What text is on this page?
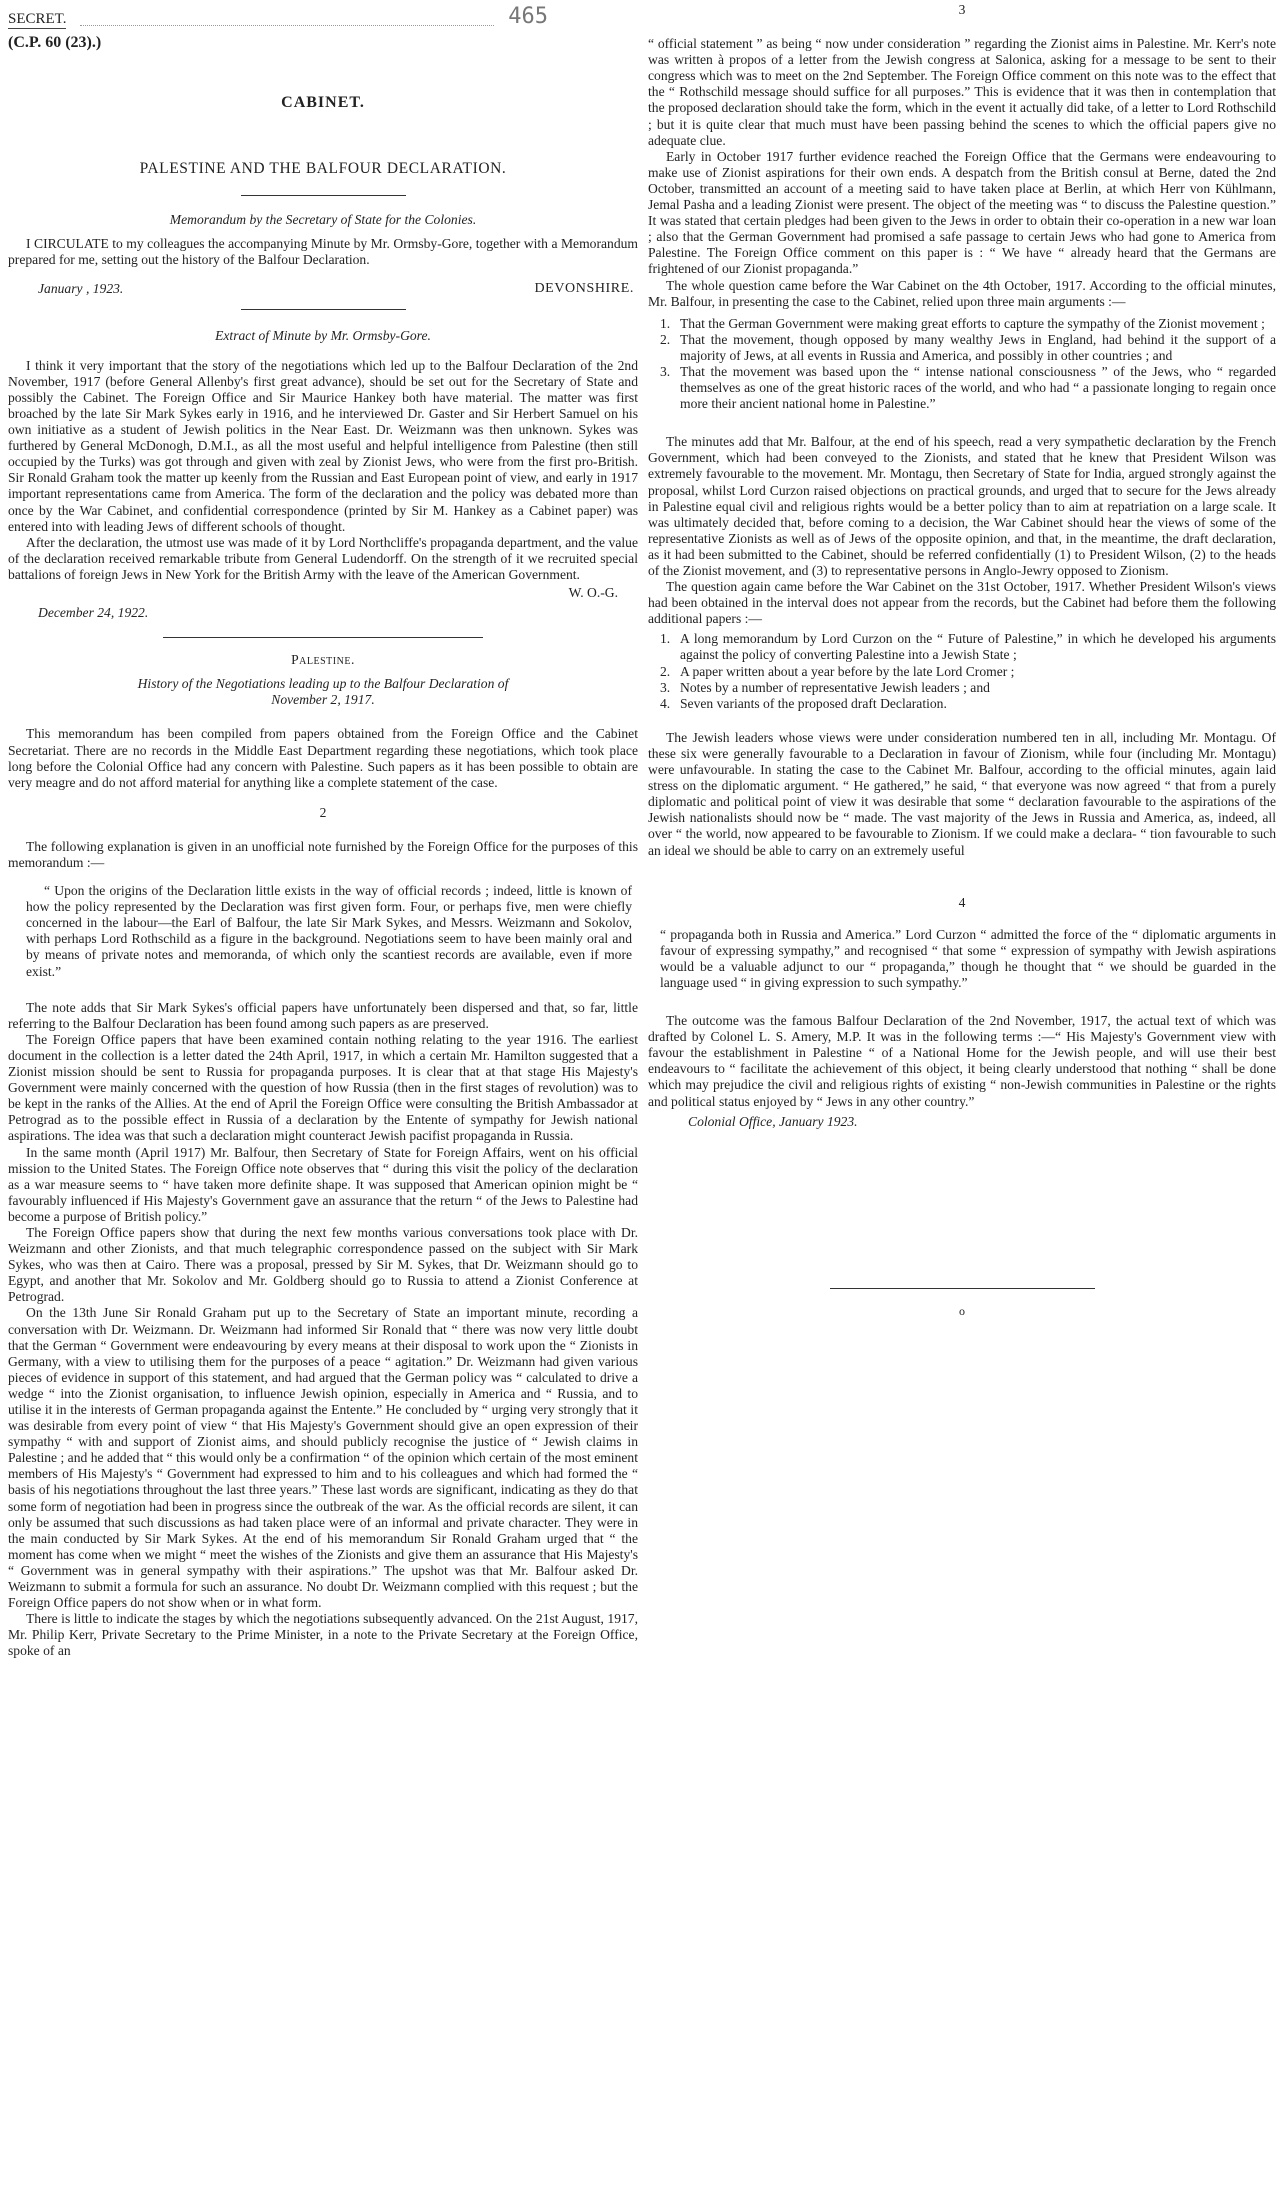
SECRET.	465

(C.P. 60 (23).)

CABINET.

PALESTINE AND THE BALFOUR DECLARATION.

Memorandum by the Secretary of State for the Colonies.

I CIRCULATE to my colleagues the accompanying Minute by Mr. Ormsby-Gore, together with a Memorandum prepared for me, setting out the history of the Balfour Declaration.

January , 1923.	DEVONSHIRE.

Extract of Minute by Mr. Ormsby-Gore.

I think it very important that the story of the negotiations which led up to the Balfour Declaration of the 2nd November, 1917 (before General Allenby's first great advance), should be set out for the Secretary of State and possibly the Cabinet. The Foreign Office and Sir Maurice Hankey both have material. The matter was first broached by the late Sir Mark Sykes early in 1916, and he interviewed Dr. Gaster and Sir Herbert Samuel on his own initiative as a student of Jewish politics in the Near East. Dr. Weizmann was then unknown. Sykes was furthered by General McDonogh, D.M.I., as all the most useful and helpful intelligence from Palestine (then still occupied by the Turks) was got through and given with zeal by Zionist Jews, who were from the first pro-British. Sir Ronald Graham took the matter up keenly from the Russian and East European point of view, and early in 1917 important representations came from America. The form of the declaration and the policy was debated more than once by the War Cabinet, and confidential correspondence (printed by Sir M. Hankey as a Cabinet paper) was entered into with leading Jews of different schools of thought.

After the declaration, the utmost use was made of it by Lord Northcliffe's propaganda department, and the value of the declaration received remarkable tribute from General Ludendorff. On the strength of it we recruited special battalions of foreign Jews in New York for the British Army with the leave of the American Government.

W. O.-G.

December 24, 1922.

Palestine.

History of the Negotiations leading up to the Balfour Declaration of

November 2, 1917.

This memorandum has been compiled from papers obtained from the Foreign Office and the Cabinet Secretariat. There are no records in the Middle East Department regarding these negotiations, which took place long before the Colonial Office had any concern with Palestine. Such papers as it has been possible to obtain are very meagre and do not afford material for anything like a complete statement of the case.

2

The following explanation is given in an unofficial note furnished by the Foreign Office for the purposes of this memorandum :—

“ Upon the origins of the Declaration little exists in the way of official records ; indeed, little is known of how the policy represented by the Declaration was first given form. Four, or perhaps five, men were chiefly concerned in the labour—the Earl of Balfour, the late Sir Mark Sykes, and Messrs. Weizmann and Sokolov, with perhaps Lord Rothschild as a figure in the background. Negotiations seem to have been mainly oral and by means of private notes and memoranda, of which only the scantiest records are available, even if more exist.”

The note adds that Sir Mark Sykes's official papers have unfortunately been dispersed and that, so far, little referring to the Balfour Declaration has been found among such papers as are preserved.

The Foreign Office papers that have been examined contain nothing relating to the year 1916. The earliest document in the collection is a letter dated the 24th April, 1917, in which a certain Mr. Hamilton suggested that a Zionist mission should be sent to Russia for propaganda purposes. It is clear that at that stage His Majesty's Government were mainly concerned with the question of how Russia (then in the first stages of revolution) was to be kept in the ranks of the Allies. At the end of April the Foreign Office were consulting the British Ambassador at Petrograd as to the possible effect in Russia of a declaration by the Entente of sympathy for Jewish national aspirations. The idea was that such a declaration might counteract Jewish pacifist propaganda in Russia.

In the same month (April 1917) Mr. Balfour, then Secretary of State for Foreign Affairs, went on his official mission to the United States. The Foreign Office note observes that “ during this visit the policy of the declaration as a war measure seems to “ have taken more definite shape. It was supposed that American opinion might be “ favourably influenced if His Majesty's Government gave an assurance that the return “ of the Jews to Palestine had become a purpose of British policy.”

The Foreign Office papers show that during the next few months various conversations took place with Dr. Weizmann and other Zionists, and that much telegraphic correspondence passed on the subject with Sir Mark Sykes, who was then at Cairo. There was a proposal, pressed by Sir M. Sykes, that Dr. Weizmann should go to Egypt, and another that Mr. Sokolov and Mr. Goldberg should go to Russia to attend a Zionist Conference at Petrograd.

On the 13th June Sir Ronald Graham put up to the Secretary of State an important minute, recording a conversation with Dr. Weizmann. Dr. Weizmann had informed Sir Ronald that “ there was now very little doubt that the German “ Government were endeavouring by every means at their disposal to work upon the “ Zionists in Germany, with a view to utilising them for the purposes of a peace “ agitation.” Dr. Weizmann had given various pieces of evidence in support of this statement, and had argued that the German policy was “ calculated to drive a wedge “ into the Zionist organisation, to influence Jewish opinion, especially in America and “ Russia, and to utilise it in the interests of German propaganda against the Entente.” He concluded by “ urging very strongly that it was desirable from every point of view “ that His Majesty's Government should give an open expression of their sympathy “ with and support of Zionist aims, and should publicly recognise the justice of “ Jewish claims in Palestine ; and he added that “ this would only be a confirmation “ of the opinion which certain of the most eminent members of His Majesty's “ Government had expressed to him and to his colleagues and which had formed the “ basis of his negotiations throughout the last three years.” These last words are significant, indicating as they do that some form of negotiation had been in progress since the outbreak of the war. As the official records are silent, it can only be assumed that such discussions as had taken place were of an informal and private character. They were in the main conducted by Sir Mark Sykes. At the end of his memorandum Sir Ronald Graham urged that “ the moment has come when we might “ meet the wishes of the Zionists and give them an assurance that His Majesty's “ Government was in general sympathy with their aspirations.” The upshot was that Mr. Balfour asked Dr. Weizmann to submit a formula for such an assurance. No doubt Dr. Weizmann complied with this request ; but the Foreign Office papers do not show when or in what form.

There is little to indicate the stages by which the negotiations subsequently advanced. On the 21st August, 1917, Mr. Philip Kerr, Private Secretary to the Prime Minister, in a note to the Private Secretary at the Foreign Office, spoke of an

3

“ official statement ” as being “ now under consideration ” regarding the Zionist aims in Palestine. Mr. Kerr's note was written à propos of a letter from the Jewish congress at Salonica, asking for a message to be sent to their congress which was to meet on the 2nd September. The Foreign Office comment on this note was to the effect that the “ Rothschild message should suffice for all purposes.” This is evidence that it was then in contemplation that the proposed declaration should take the form, which in the event it actually did take, of a letter to Lord Rothschild ; but it is quite clear that much must have been passing behind the scenes to which the official papers give no adequate clue.

Early in October 1917 further evidence reached the Foreign Office that the Germans were endeavouring to make use of Zionist aspirations for their own ends. A despatch from the British consul at Berne, dated the 2nd October, transmitted an account of a meeting said to have taken place at Berlin, at which Herr von Kühlmann, Jemal Pasha and a leading Zionist were present. The object of the meeting was “ to discuss the Palestine question.” It was stated that certain pledges had been given to the Jews in order to obtain their co-operation in a new war loan ; also that the German Government had promised a safe passage to certain Jews who had gone to America from Palestine. The Foreign Office comment on this paper is : “ We have “ already heard that the Germans are frightened of our Zionist propaganda.”

The whole question came before the War Cabinet on the 4th October, 1917. According to the official minutes, Mr. Balfour, in presenting the case to the Cabinet, relied upon three main arguments :—

1. That the German Government were making great efforts to capture the sympathy of the Zionist movement ;
2. That the movement, though opposed by many wealthy Jews in England, had behind it the support of a majority of Jews, at all events in Russia and America, and possibly in other countries ; and
3. That the movement was based upon the “ intense national consciousness ” of the Jews, who “ regarded themselves as one of the great historic races of the world, and who had “ a passionate longing to regain once more their ancient national home in Palestine.”

The minutes add that Mr. Balfour, at the end of his speech, read a very sympathetic declaration by the French Government, which had been conveyed to the Zionists, and stated that he knew that President Wilson was extremely favourable to the movement. Mr. Montagu, then Secretary of State for India, argued strongly against the proposal, whilst Lord Curzon raised objections on practical grounds, and urged that to secure for the Jews already in Palestine equal civil and religious rights would be a better policy than to aim at repatriation on a large scale. It was ultimately decided that, before coming to a decision, the War Cabinet should hear the views of some of the representative Zionists as well as of Jews of the opposite opinion, and that, in the meantime, the draft declaration, as it had been submitted to the Cabinet, should be referred confidentially (1) to President Wilson, (2) to the heads of the Zionist movement, and (3) to representative persons in Anglo-Jewry opposed to Zionism.

The question again came before the War Cabinet on the 31st October, 1917. Whether President Wilson's views had been obtained in the interval does not appear from the records, but the Cabinet had before them the following additional papers :—

1. A long memorandum by Lord Curzon on the “ Future of Palestine,” in which he developed his arguments against the policy of converting Palestine into a Jewish State ;
2. A paper written about a year before by the late Lord Cromer ;
3. Notes by a number of representative Jewish leaders ; and
4. Seven variants of the proposed draft Declaration.

The Jewish leaders whose views were under consideration numbered ten in all, including Mr. Montagu. Of these six were generally favourable to a Declaration in favour of Zionism, while four (including Mr. Montagu) were unfavourable. In stating the case to the Cabinet Mr. Balfour, according to the official minutes, again laid stress on the diplomatic argument. “ He gathered,” he said, “ that everyone was now agreed “ that from a purely diplomatic and political point of view it was desirable that some “ declaration favourable to the aspirations of the Jewish nationalists should now be “ made. The vast majority of the Jews in Russia and America, as, indeed, all over “ the world, now appeared to be favourable to Zionism. If we could make a declara- “ tion favourable to such an ideal we should be able to carry on an extremely useful

4

“ propaganda both in Russia and America.” Lord Curzon “ admitted the force of the “ diplomatic arguments in favour of expressing sympathy,” and recognised “ that some “ expression of sympathy with Jewish aspirations would be a valuable adjunct to our “ propaganda,” though he thought that “ we should be guarded in the language used “ in giving expression to such sympathy.”

The outcome was the famous Balfour Declaration of the 2nd November, 1917, the actual text of which was drafted by Colonel L. S. Amery, M.P. It was in the following terms :—“ His Majesty's Government view with favour the establishment in Palestine “ of a National Home for the Jewish people, and will use their best endeavours to “ facilitate the achievement of this object, it being clearly understood that nothing “ shall be done which may prejudice the civil and religious rights of existing “ non-Jewish communities in Palestine or the rights and political status enjoyed by “ Jews in any other country.”

Colonial Office, January 1923.

o
